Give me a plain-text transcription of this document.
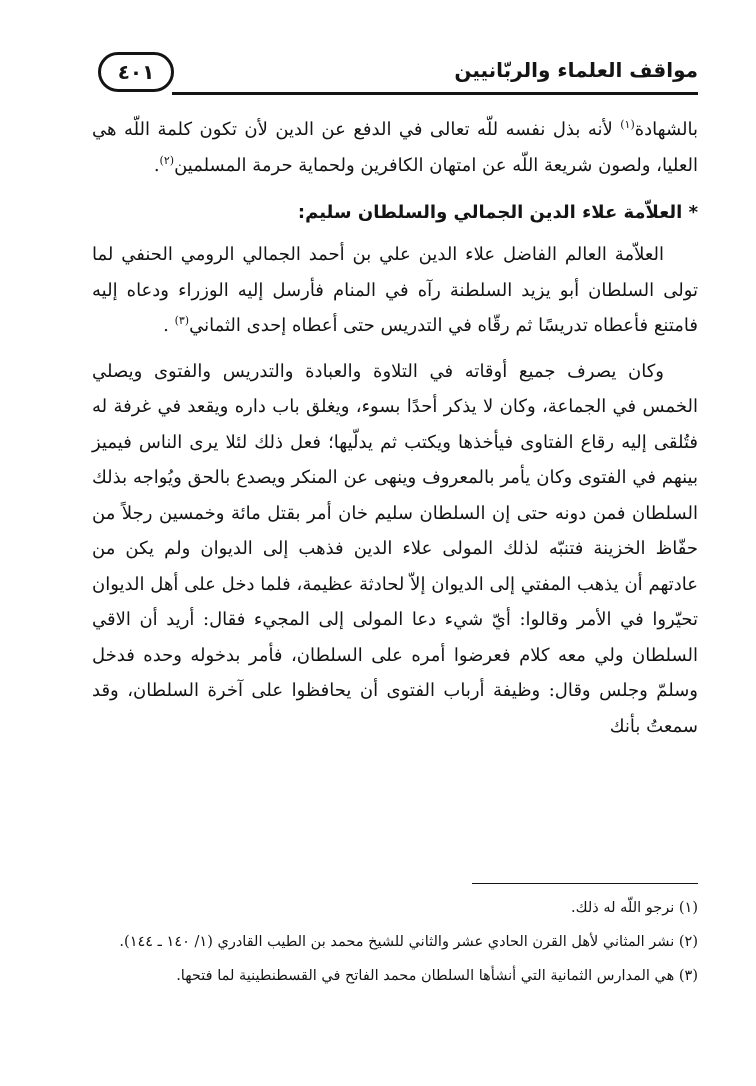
مواقف العلماء والربّانيين
٤٠١

بالشهادة$^{(١)}$ لأنه بذل نفسه للّه تعالى في الدفع عن الدين لأن تكون كلمة اللّه هي العليا، ولصون شريعة اللّه عن امتهان الكافرين ولحماية حرمة المسلمين$^{(٢)}$.

* العلاّمة علاء الدين الجمالي والسلطان سليم:

العلاّمة العالم الفاضل علاء الدين علي بن أحمد الجمالي الرومي الحنفي لما تولى السلطان أبو يزيد السلطنة رآه في المنام فأرسل إليه الوزراء ودعاه إليه فامتنع فأعطاه تدريسًا ثم رقّاه في التدريس حتى أعطاه إحدى الثماني$^{(٣)}$ .

وكان يصرف جميع أوقاته في التلاوة والعبادة والتدريس والفتوى ويصلي الخمس في الجماعة، وكان لا يذكر أحدًا بسوء، ويغلق باب داره ويقعد في غرفة له فتُلقى إليه رقاع الفتاوى فيأخذها ويكتب ثم يدلّيها؛ فعل ذلك لئلا يرى الناس فيميز بينهم في الفتوى وكان يأمر بالمعروف وينهى عن المنكر ويصدع بالحق ويُواجه بذلك السلطان فمن دونه حتى إن السلطان سليم خان أمر بقتل مائة وخمسين رجلاً من حفّاظ الخزينة فتنبّه لذلك المولى علاء الدين فذهب إلى الديوان ولم يكن من عادتهم أن يذهب المفتي إلى الديوان إلاّ لحادثة عظيمة، فلما دخل على أهل الديوان تحيّروا في الأمر وقالوا: أيّ شيء دعا المولى إلى المجيء فقال: أريد أن الاقي السلطان ولي معه كلام فعرضوا أمره على السلطان، فأمر بدخوله وحده فدخل وسلمّ وجلس وقال: وظيفة أرباب الفتوى أن يحافظوا على آخرة السلطان، وقد سمعتُ بأنك

(١) نرجو اللّه له ذلك.

(٢) نشر المثاني لأهل القرن الحادي عشر والثاني للشيخ محمد بن الطيب القادري (١/ ١٤٠ ـ ١٤٤).

(٣) هي المدارس الثمانية التي أنشأها السلطان محمد الفاتح في القسطنطينية لما فتحها.
